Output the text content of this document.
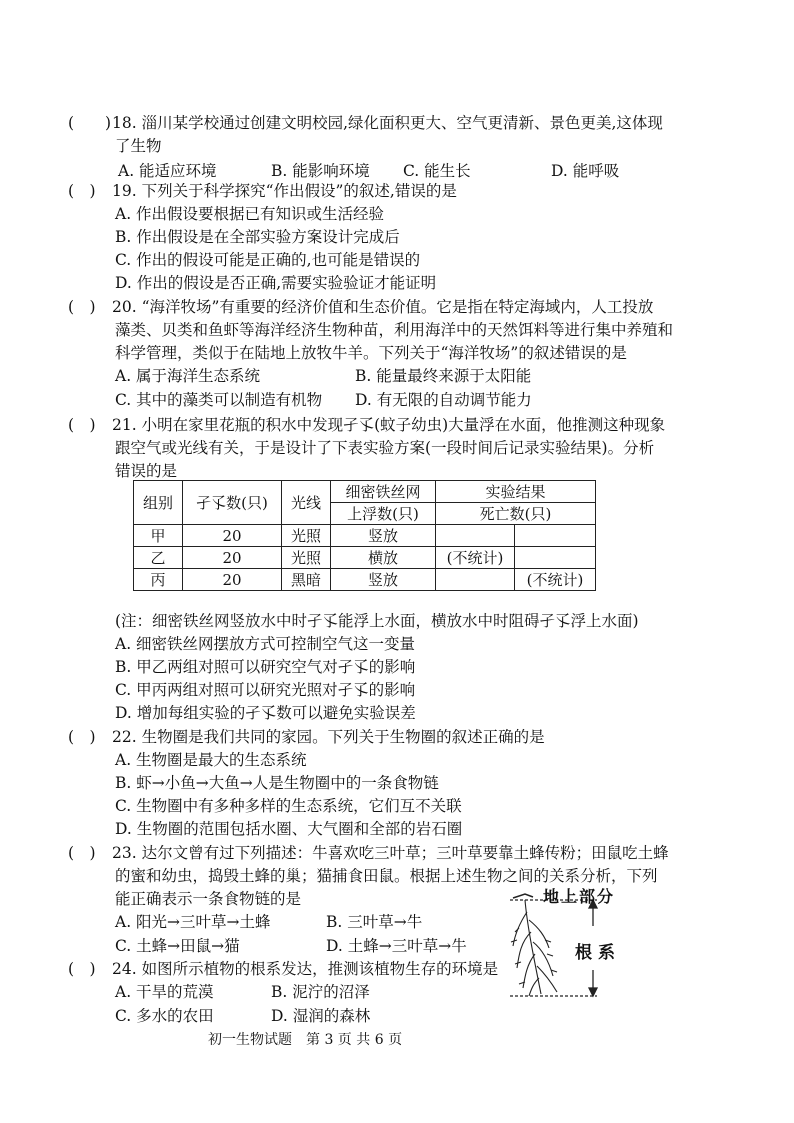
(　　)18. 淄川某学校通过创建文明校园,绿化面积更大、空气更清新、景色更美,这体现
了生物
A. 能适应环境	B. 能影响环境 C. 能生长	D. 能呼吸
(　) 19. 下列关于科学探究“作出假设”的叙述,错误的是
A. 作出假设要根据已有知识或生活经验
B. 作出假设是在全部实验方案设计完成后
C. 作出的假设可能是正确的,也可能是错误的
D. 作出的假设是否正确,需要实验验证才能证明
(　) 20. “海洋牧场”有重要的经济价值和生态价值。它是指在特定海域内，人工投放
藻类、贝类和鱼虾等海洋经济生物种苗，利用海洋中的天然饵料等进行集中养殖和
科学管理，类似于在陆地上放牧牛羊。下列关于“海洋牧场”的叙述错误的是
A. 属于海洋生态系统	B. 能量最终来源于太阳能
C. 其中的藻类可以制造有机物 D. 有无限的自动调节能力
(　) 21. 小明在家里花瓶的积水中发现孑孓(蚊子幼虫)大量浮在水面，他推测这种现象
跟空气或光线有关，于是设计了下表实验方案(一段时间后记录实验结果)。分析
错误的是
组别	孑孓数(只)	光线	细密铁丝网	实验结果	
			上浮数(只)	死亡数(只)	
甲	20	光照	竖放		
乙	20	光照	横放	(不统计)	
丙	20	黑暗	竖放		(不统计)
(注：细密铁丝网竖放水中时孑孓能浮上水面，横放水中时阻碍孑孓浮上水面)
A. 细密铁丝网摆放方式可控制空气这一变量
B. 甲乙两组对照可以研究空气对孑孓的影响
C. 甲丙两组对照可以研究光照对孑孓的影响
D. 增加每组实验的孑孓数可以避免实验误差
(　) 22. 生物圈是我们共同的家园。下列关于生物圈的叙述正确的是
A. 生物圈是最大的生态系统
B. 虾→小鱼→大鱼→人是生物圈中的一条食物链
C. 生物圈中有多种多样的生态系统，它们互不关联
D. 生物圈的范围包括水圈、大气圈和全部的岩石圈
(　) 23. 达尔文曾有过下列描述：牛喜欢吃三叶草；三叶草要靠土蜂传粉；田鼠吃土蜂
的蜜和幼虫，捣毁土蜂的巢；猫捕食田鼠。根据上述生物之间的关系分析，下列
能正确表示一条食物链的是
A. 阳光→三叶草→土蜂	B. 三叶草→牛
C. 土蜂→田鼠→猫	D. 土蜂→三叶草→牛
(　) 24. 如图所示植物的根系发达，推测该植物生存的环境是
A. 干旱的荒漠	B. 泥泞的沼泽
C. 多水的农田	D. 湿润的森林
地上部分
根系
初一生物试题　第 3 页 共 6 页
